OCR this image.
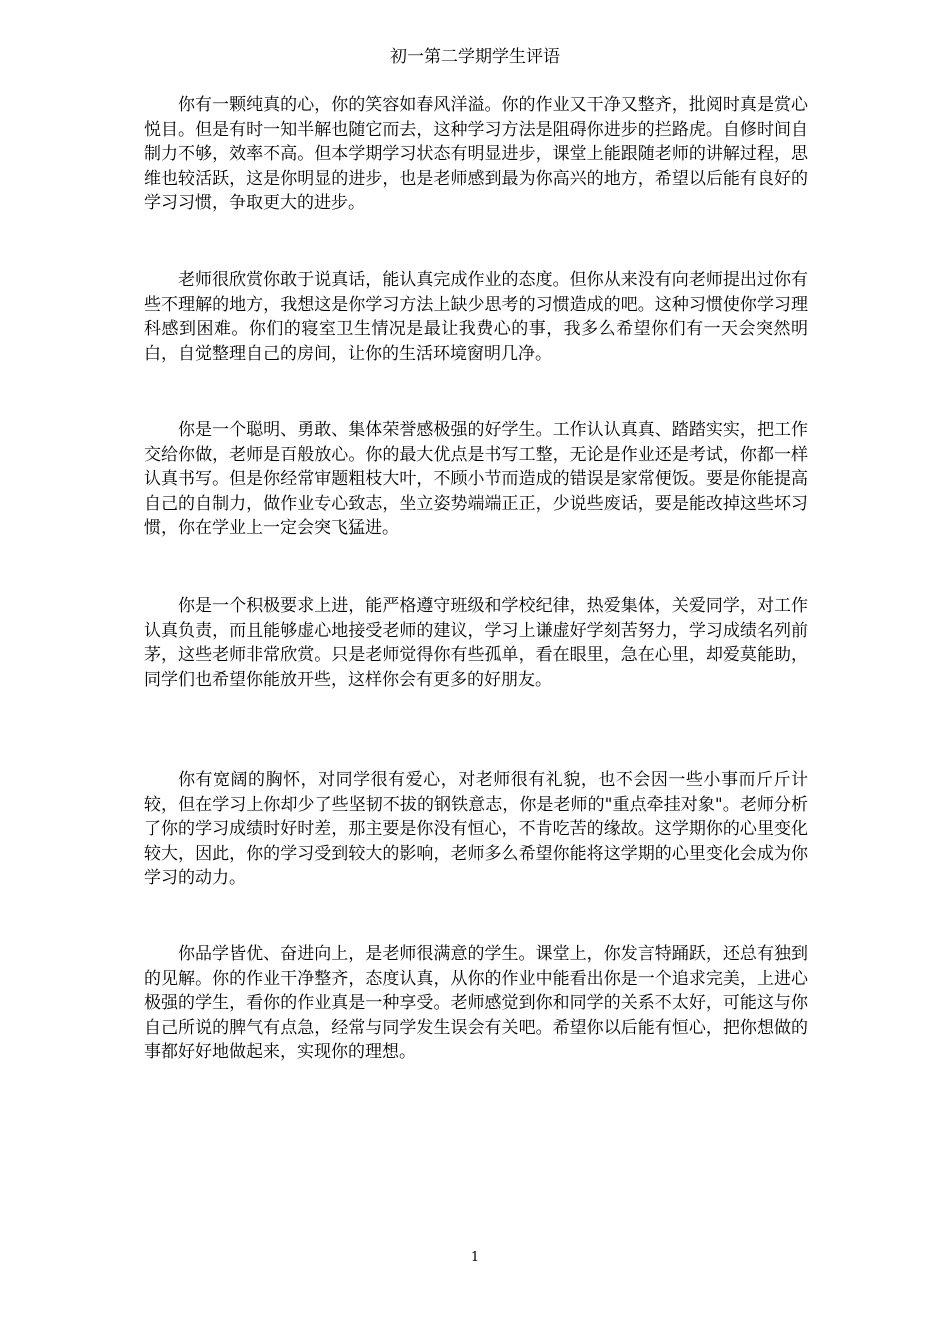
初一第二学期学生评语

你有一颗纯真的心，你的笑容如春风洋溢。你的作业又干净又整齐，批阅时真是赏心悦目。但是有时一知半解也随它而去，这种学习方法是阻碍你进步的拦路虎。自修时间自制力不够，效率不高。但本学期学习状态有明显进步，课堂上能跟随老师的讲解过程，思维也较活跃，这是你明显的进步，也是老师感到最为你高兴的地方，希望以后能有良好的学习习惯，争取更大的进步。

老师很欣赏你敢于说真话，能认真完成作业的态度。但你从来没有向老师提出过你有些不理解的地方，我想这是你学习方法上缺少思考的习惯造成的吧。这种习惯使你学习理科感到困难。你们的寝室卫生情况是最让我费心的事，我多么希望你们有一天会突然明白，自觉整理自己的房间，让你的生活环境窗明几净。

你是一个聪明、勇敢、集体荣誉感极强的好学生。工作认认真真、踏踏实实，把工作交给你做，老师是百般放心。你的最大优点是书写工整，无论是作业还是考试，你都一样认真书写。但是你经常审题粗枝大叶，不顾小节而造成的错误是家常便饭。要是你能提高自己的自制力，做作业专心致志，坐立姿势端端正正，少说些废话，要是能改掉这些坏习惯，你在学业上一定会突飞猛进。

你是一个积极要求上进，能严格遵守班级和学校纪律，热爱集体，关爱同学，对工作认真负责，而且能够虚心地接受老师的建议，学习上谦虚好学刻苦努力，学习成绩名列前茅，这些老师非常欣赏。只是老师觉得你有些孤单，看在眼里，急在心里，却爱莫能助，同学们也希望你能放开些，这样你会有更多的好朋友。

你有宽阔的胸怀，对同学很有爱心，对老师很有礼貌，也不会因一些小事而斤斤计较，但在学习上你却少了些坚韧不拔的钢铁意志，你是老师的"重点牵挂对象"。老师分析了你的学习成绩时好时差，那主要是你没有恒心，不肯吃苦的缘故。这学期你的心里变化较大，因此，你的学习受到较大的影响，老师多么希望你能将这学期的心里变化会成为你学习的动力。

你品学皆优、奋进向上，是老师很满意的学生。课堂上，你发言特踊跃，还总有独到的见解。你的作业干净整齐，态度认真，从你的作业中能看出你是一个追求完美，上进心极强的学生，看你的作业真是一种享受。老师感觉到你和同学的关系不太好，可能这与你自己所说的脾气有点急，经常与同学发生误会有关吧。希望你以后能有恒心，把你想做的事都好好地做起来，实现你的理想。

1
